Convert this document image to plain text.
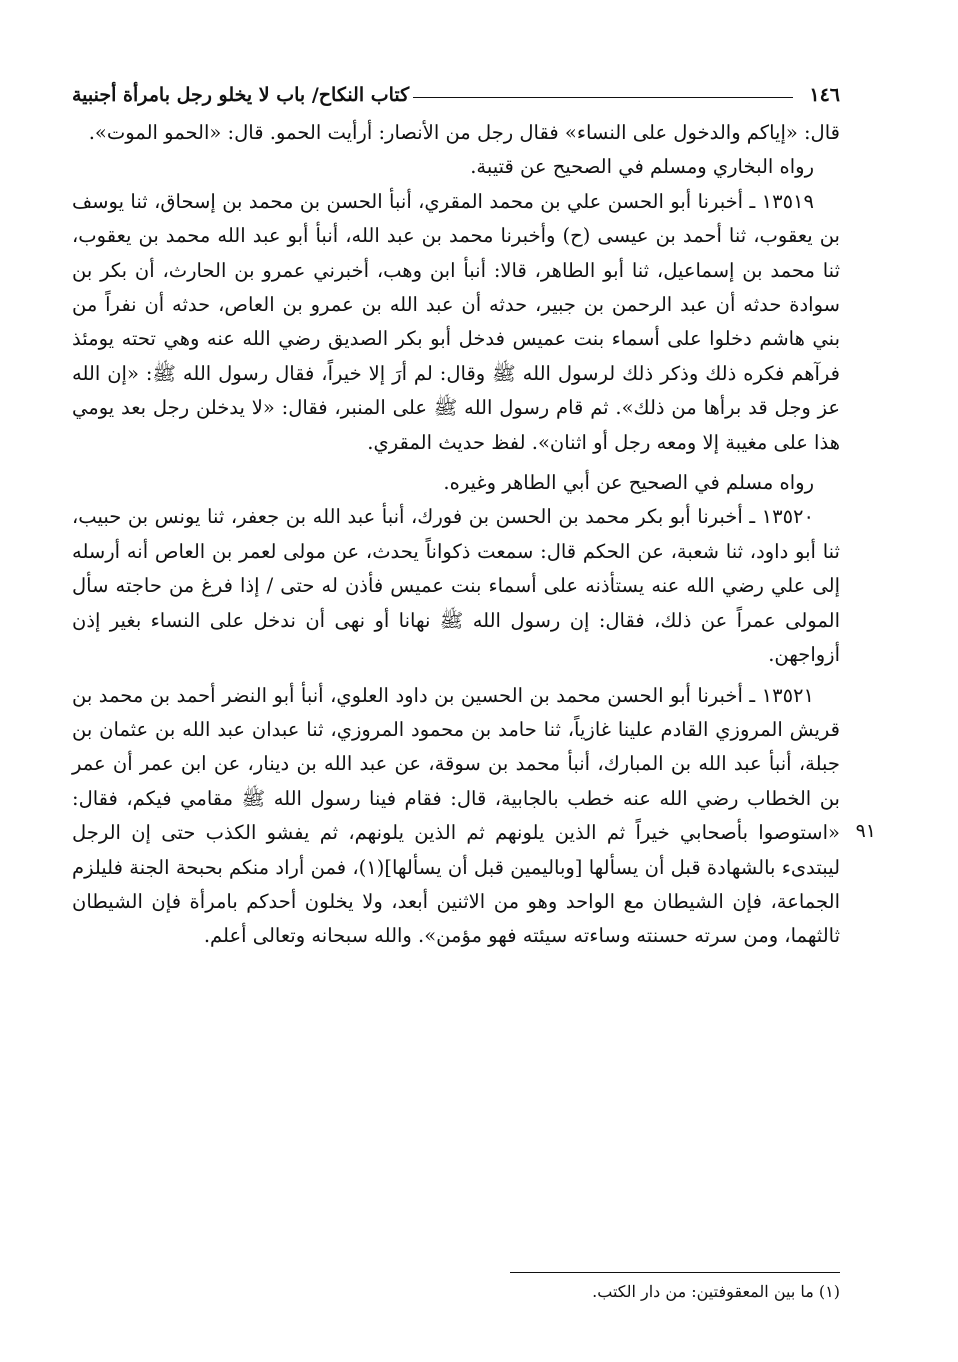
١٤٦
كتاب النكاح/ باب لا يخلو رجل بامرأة أجنبية

قال: «إياكم والدخول على النساء» فقال رجل من الأنصار: أرأيت الحمو. قال: «الحمو الموت».

رواه البخاري ومسلم في الصحيح عن قتيبة.

١٣٥١٩ ـ أخبرنا أبو الحسن علي بن محمد المقري، أنبأ الحسن بن محمد بن إسحاق، ثنا يوسف بن يعقوب، ثنا أحمد بن عيسى (ح) وأخبرنا محمد بن عبد الله، أنبأ أبو عبد الله محمد بن يعقوب، ثنا محمد بن إسماعيل، ثنا أبو الطاهر، قالا: أنبأ ابن وهب، أخبرني عمرو بن الحارث، أن بكر بن سوادة حدثه أن عبد الرحمن بن جبير، حدثه أن عبد الله بن عمرو بن العاص، حدثه أن نفراً من بني هاشم دخلوا على أسماء بنت عميس فدخل أبو بكر الصديق رضي الله عنه وهي تحته يومئذ فرآهم فكره ذلك وذكر ذلك لرسول الله ﷺ وقال: لم أرَ إلا خيراً، فقال رسول الله ﷺ: «إن الله عز وجل قد برأها من ذلك». ثم قام رسول الله ﷺ على المنبر، فقال: «لا يدخلن رجل بعد يومي هذا على مغيبة إلا ومعه رجل أو اثنان». لفظ حديث المقري.

رواه مسلم في الصحيح عن أبي الطاهر وغيره.

١٣٥٢٠ ـ أخبرنا أبو بكر محمد بن الحسن بن فورك، أنبأ عبد الله بن جعفر، ثنا يونس بن حبيب، ثنا أبو داود، ثنا شعبة، عن الحكم قال: سمعت ذكواناً يحدث، عن مولى لعمر بن العاص أنه أرسله إلى علي رضي الله عنه يستأذنه على أسماء بنت عميس فأذن له حتى / إذا فرغ من حاجته سأل المولى عمراً عن ذلك، فقال: إن رسول الله ﷺ نهانا أو نهى أن ندخل على النساء بغير إذن أزواجهن.

١٣٥٢١ ـ أخبرنا أبو الحسن محمد بن الحسين بن داود العلوي، أنبأ أبو النضر أحمد بن محمد بن قريش المروزي القادم علينا غازياً، ثنا حامد بن محمود المروزي، ثنا عبدان عبد الله بن عثمان بن جبلة، أنبأ عبد الله بن المبارك، أنبأ محمد بن سوقة، عن عبد الله بن دينار، عن ابن عمر أن عمر بن الخطاب رضي الله عنه خطب بالجابية، قال: فقام فينا رسول الله ﷺ مقامي فيكم، فقال: «استوصوا بأصحابي خيراً ثم الذين يلونهم ثم الذين يلونهم، ثم يفشو الكذب حتى إن الرجل ليبتدىء بالشهادة قبل أن يسألها [وباليمين قبل أن يسألها](١)، فمن أراد منكم بحبحة الجنة فليلزم الجماعة، فإن الشيطان مع الواحد وهو من الاثنين أبعد، ولا يخلون أحدكم بامرأة فإن الشيطان ثالثهما، ومن سرته حسنته وساءته سيئته فهو مؤمن». والله سبحانه وتعالى أعلم.

٩١
(١) ما بين المعقوفتين: من دار الكتب.
